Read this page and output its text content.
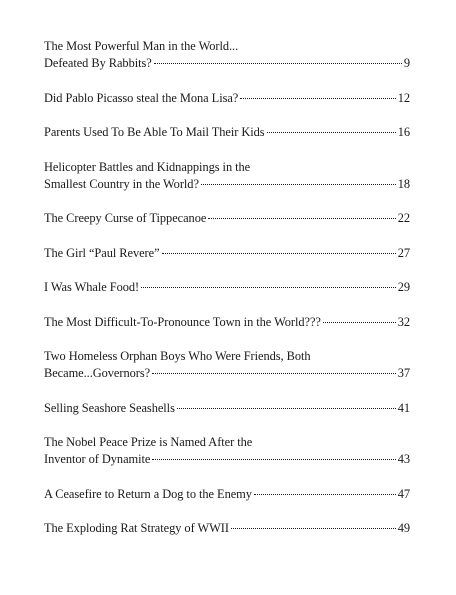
The Most Powerful Man in the World...
Defeated By Rabbits?	9
Did Pablo Picasso steal the Mona Lisa?	12
Parents Used To Be Able To Mail Their Kids	16
Helicopter Battles and Kidnappings in the
Smallest Country in the World?	18
The Creepy Curse of Tippecanoe	22
The Girl “Paul Revere”	27
I Was Whale Food!	29
The Most Difficult-To-Pronounce Town in the World???	32
Two Homeless Orphan Boys Who Were Friends, Both
Became...Governors?	37
Selling Seashore Seashells	41
The Nobel Peace Prize is Named After the
Inventor of Dynamite	43
A Ceasefire to Return a Dog to the Enemy	47
The Exploding Rat Strategy of WWII	49
